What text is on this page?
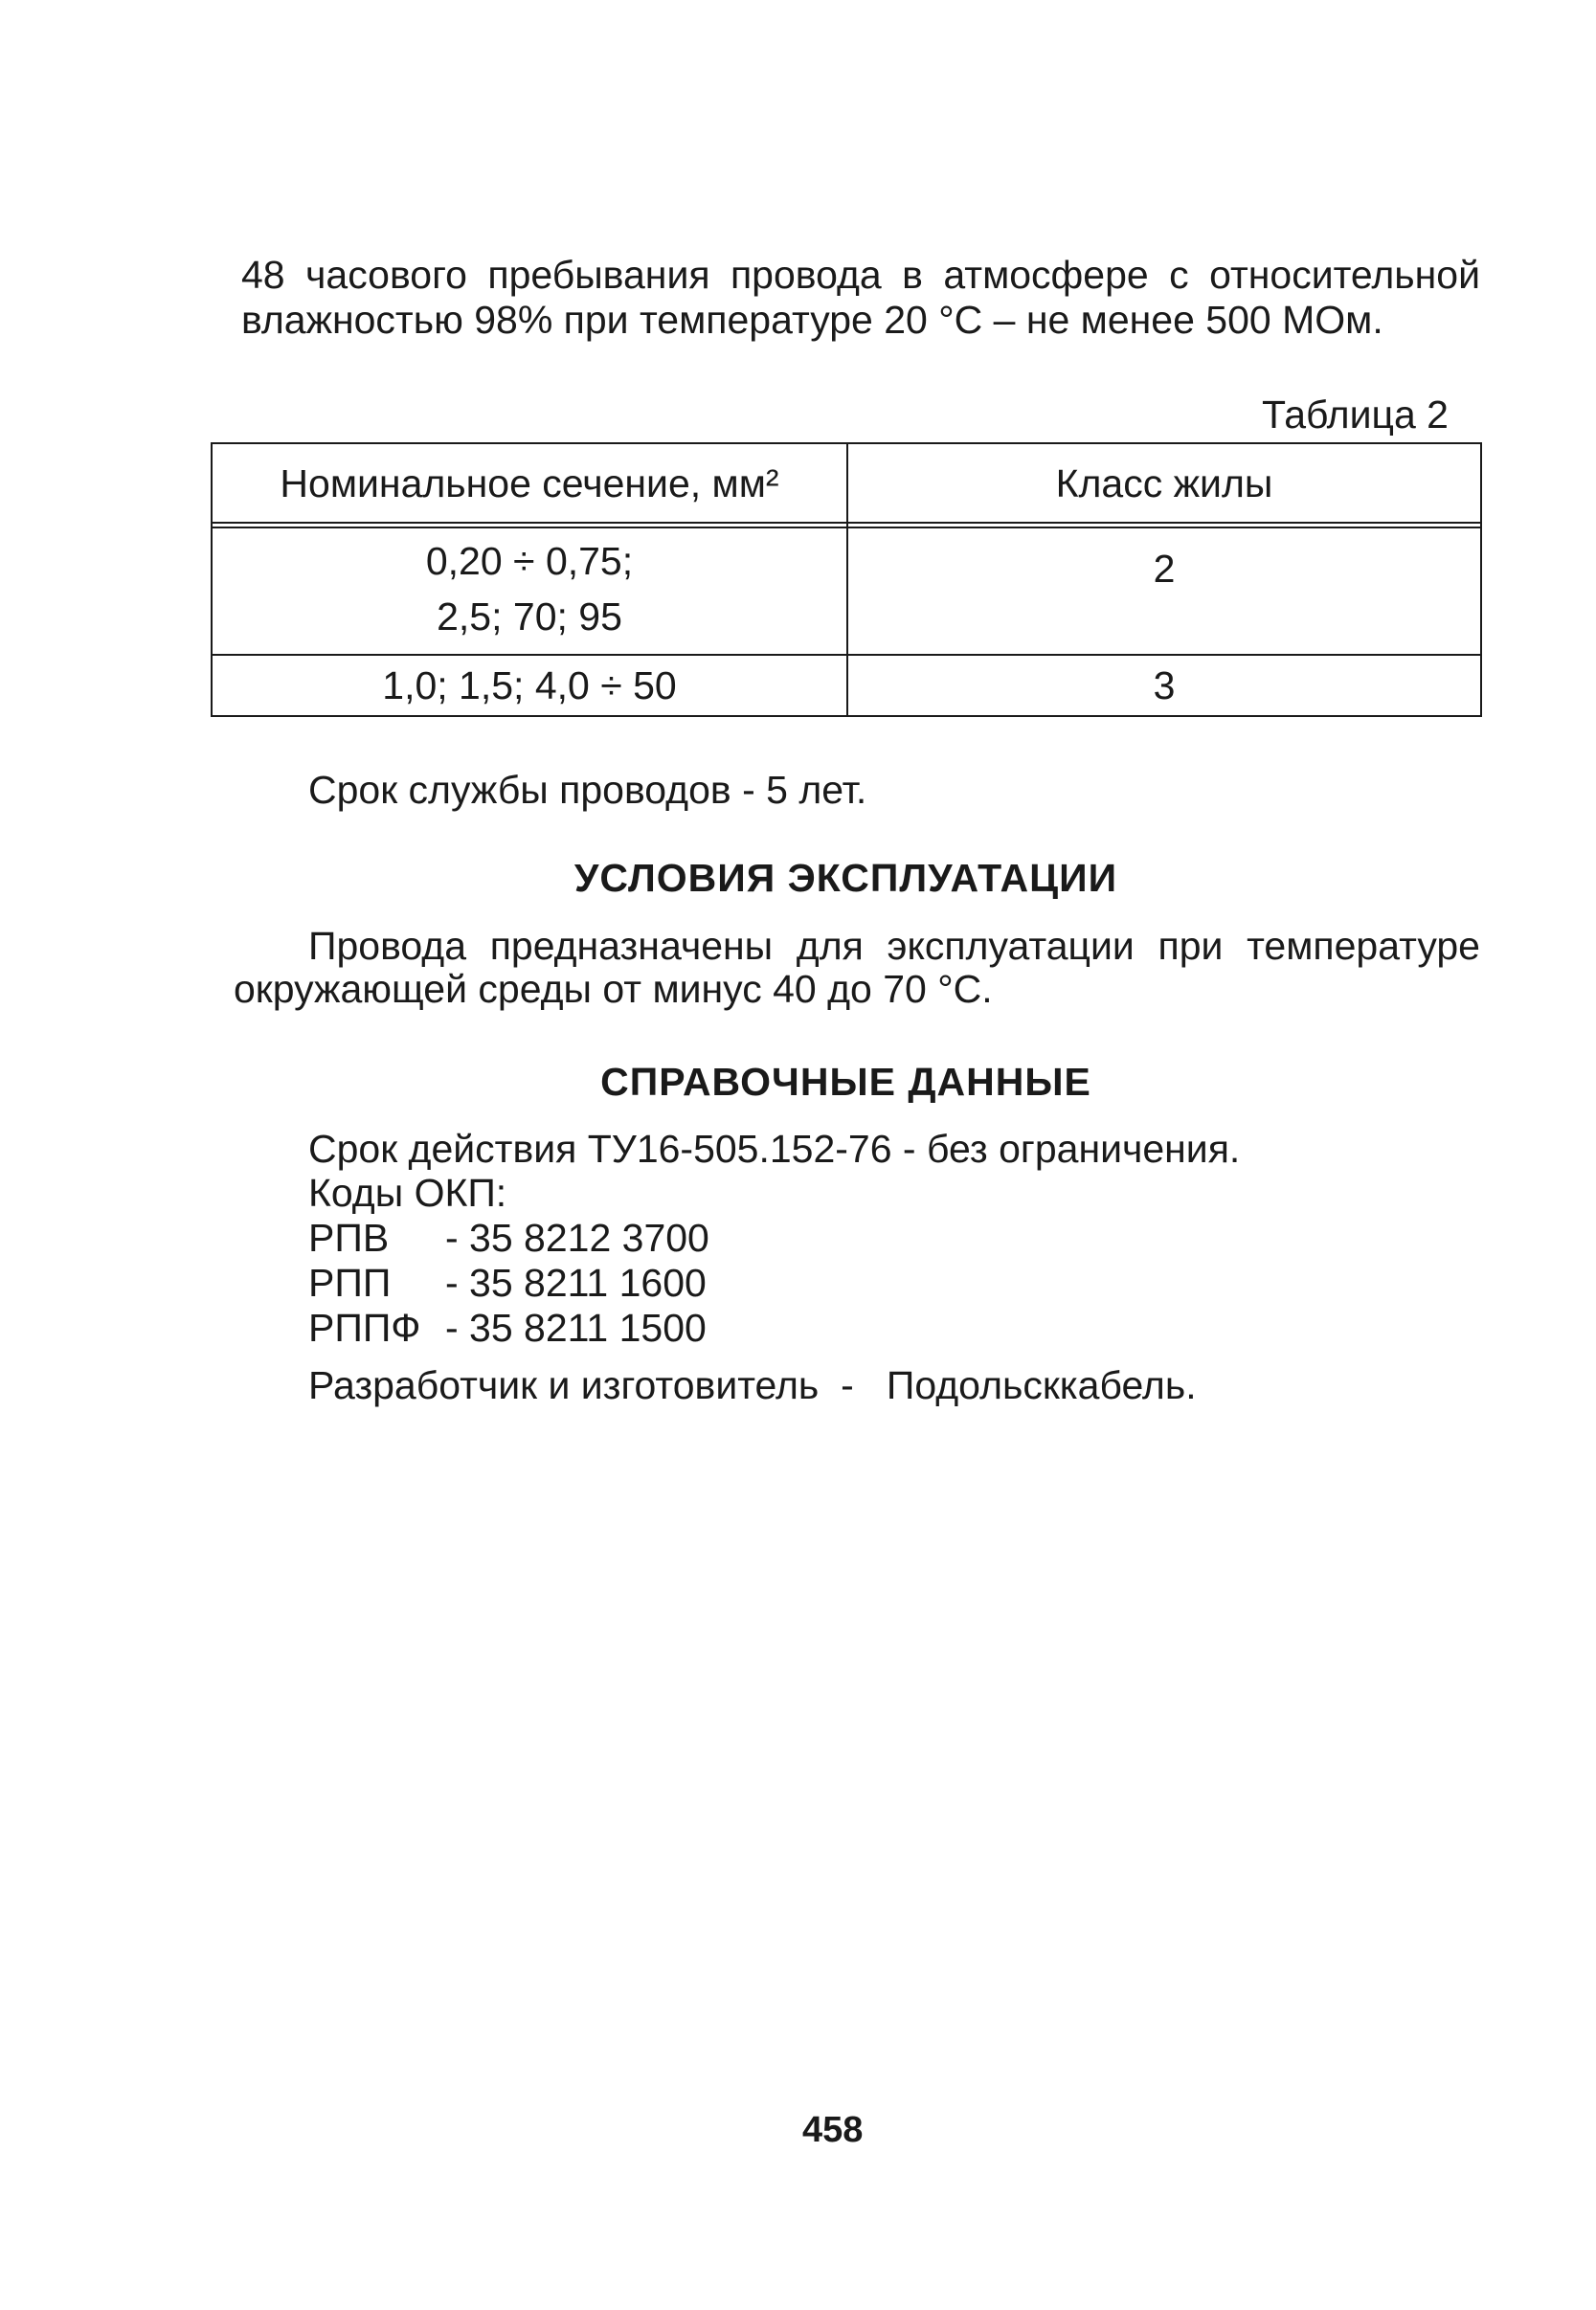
48 часового пребывания провода в атмосфере с относительной
влажностью 98% при температуре 20 °С – не менее 500 МОм.
Таблица 2
Номинальное сечение, мм²	Класс жилы
0,20 ÷ 0,75;
2,5; 70; 95
2
1,0; 1,5; 4,0 ÷ 50	3
Срок службы проводов - 5 лет.
УСЛОВИЯ ЭКСПЛУАТАЦИИ
Провода предназначены для эксплуатации при температуре
окружающей среды от минус 40 до 70 °С.
СПРАВОЧНЫЕ ДАННЫЕ
Срок действия ТУ16-505.152-76 - без ограничения.
Коды ОКП:
РПВ - 35 8212 3700
РПП - 35 8211 1600
РППФ - 35 8211 1500
Разработчик и изготовитель  -   Подольсккабель.
458
